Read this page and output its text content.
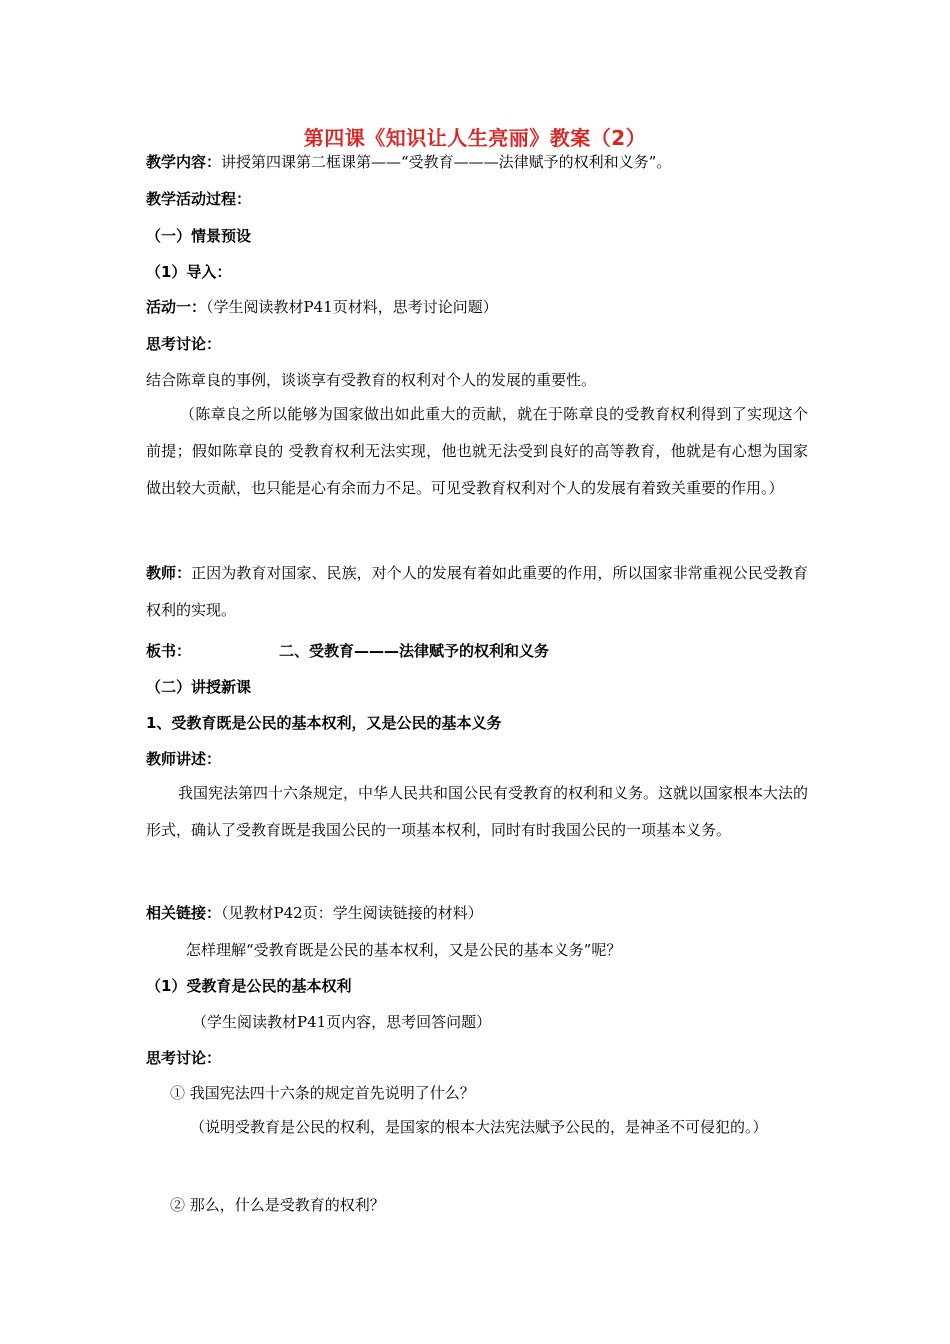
第四课《知识让人生亮丽》教案（2）
教学内容：讲授第四课第二框课第——“受教育———法律赋予的权利和义务”。
教学活动过程：
（一）情景预设
（1）导入：
活动一：（学生阅读教材P41页材料，思考讨论问题）
思考讨论：
结合陈章良的事例，谈谈享有受教育的权利对个人的发展的重要性。
（陈章良之所以能够为国家做出如此重大的贡献，就在于陈章良的受教育权利得到了实现这个前提；假如陈章良的 受教育权利无法实现，他也就无法受到良好的高等教育，他就是有心想为国家做出较大贡献，也只能是心有余而力不足。可见受教育权利对个人的发展有着致关重要的作用。）
教师：正因为教育对国家、民族，对个人的发展有着如此重要的作用，所以国家非常重视公民受教育权利的实现。
板书：	二、受教育———法律赋予的权利和义务
（二）讲授新课
1、受教育既是公民的基本权利，又是公民的基本义务
教师讲述：
我国宪法第四十六条规定，中华人民共和国公民有受教育的权利和义务。这就以国家根本大法的形式，确认了受教育既是我国公民的一项基本权利，同时有时我国公民的一项基本义务。
相关链接：（见教材P42页：学生阅读链接的材料）
怎样理解“受教育既是公民的基本权利，又是公民的基本义务”呢？
（1）受教育是公民的基本权利
（学生阅读教材P41页内容，思考回答问题）
思考讨论：
① 我国宪法四十六条的规定首先说明了什么？
（说明受教育是公民的权利，是国家的根本大法宪法赋予公民的，是神圣不可侵犯的。）
② 那么，什么是受教育的权利？
